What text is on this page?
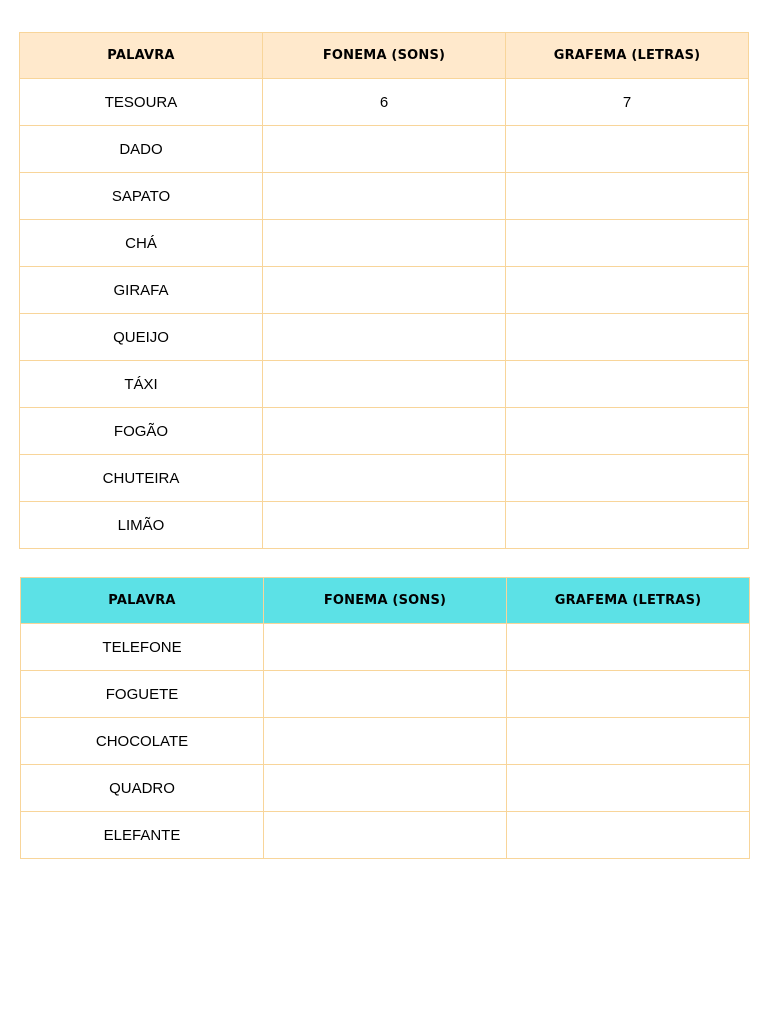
PALAVRA	FONEMA (SONS)	GRAFEMA (LETRAS)
TESOURA	6	7
DADO		
SAPATO		
CHÁ		
GIRAFA		
QUEIJO		
TÁXI		
FOGÃO		
CHUTEIRA		
LIMÃO		
PALAVRA	FONEMA (SONS)	GRAFEMA (LETRAS)
TELEFONE		
FOGUETE		
CHOCOLATE		
QUADRO		
ELEFANTE		
